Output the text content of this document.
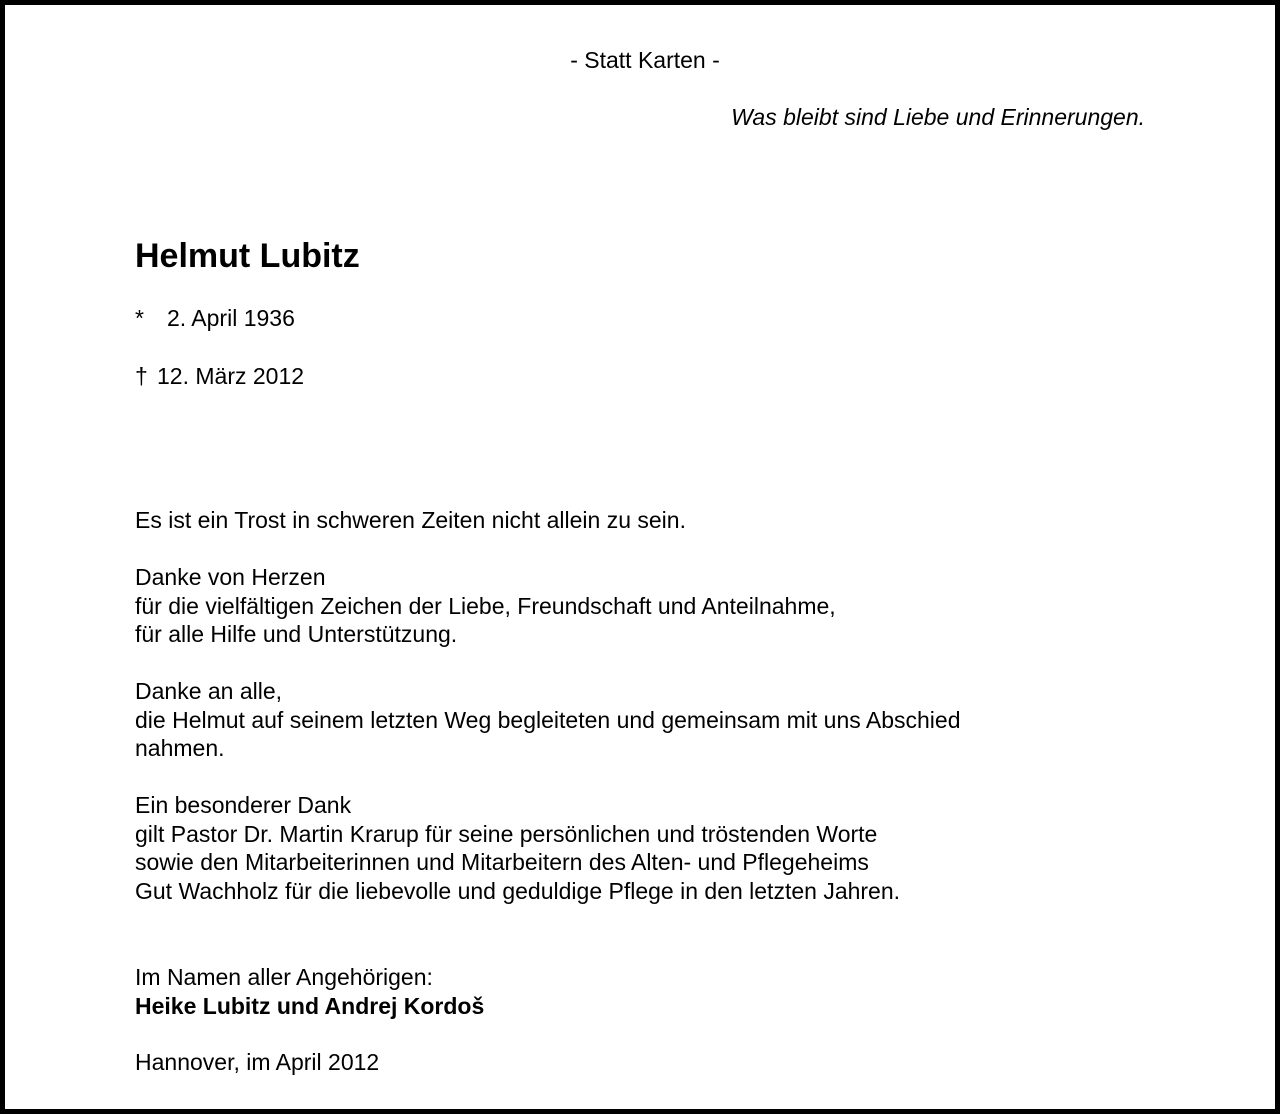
- Statt Karten -

Was bleibt sind Liebe und Erinnerungen.

Helmut Lubitz

* 2. April 1936

† 12. März 2012

Es ist ein Trost in schweren Zeiten nicht allein zu sein.

Danke von Herzen
für die vielfältigen Zeichen der Liebe, Freundschaft und Anteilnahme,
für alle Hilfe und Unterstützung.

Danke an alle,
die Helmut auf seinem letzten Weg begleiteten und gemeinsam mit uns Abschied
nahmen.

Ein besonderer Dank
gilt Pastor Dr. Martin Krarup für seine persönlichen und tröstenden Worte
sowie den Mitarbeiterinnen und Mitarbeitern des Alten- und Pflegeheims
Gut Wachholz für die liebevolle und geduldige Pflege in den letzten Jahren.

Im Namen aller Angehörigen:
Heike Lubitz und Andrej Kordoš

Hannover, im April 2012
